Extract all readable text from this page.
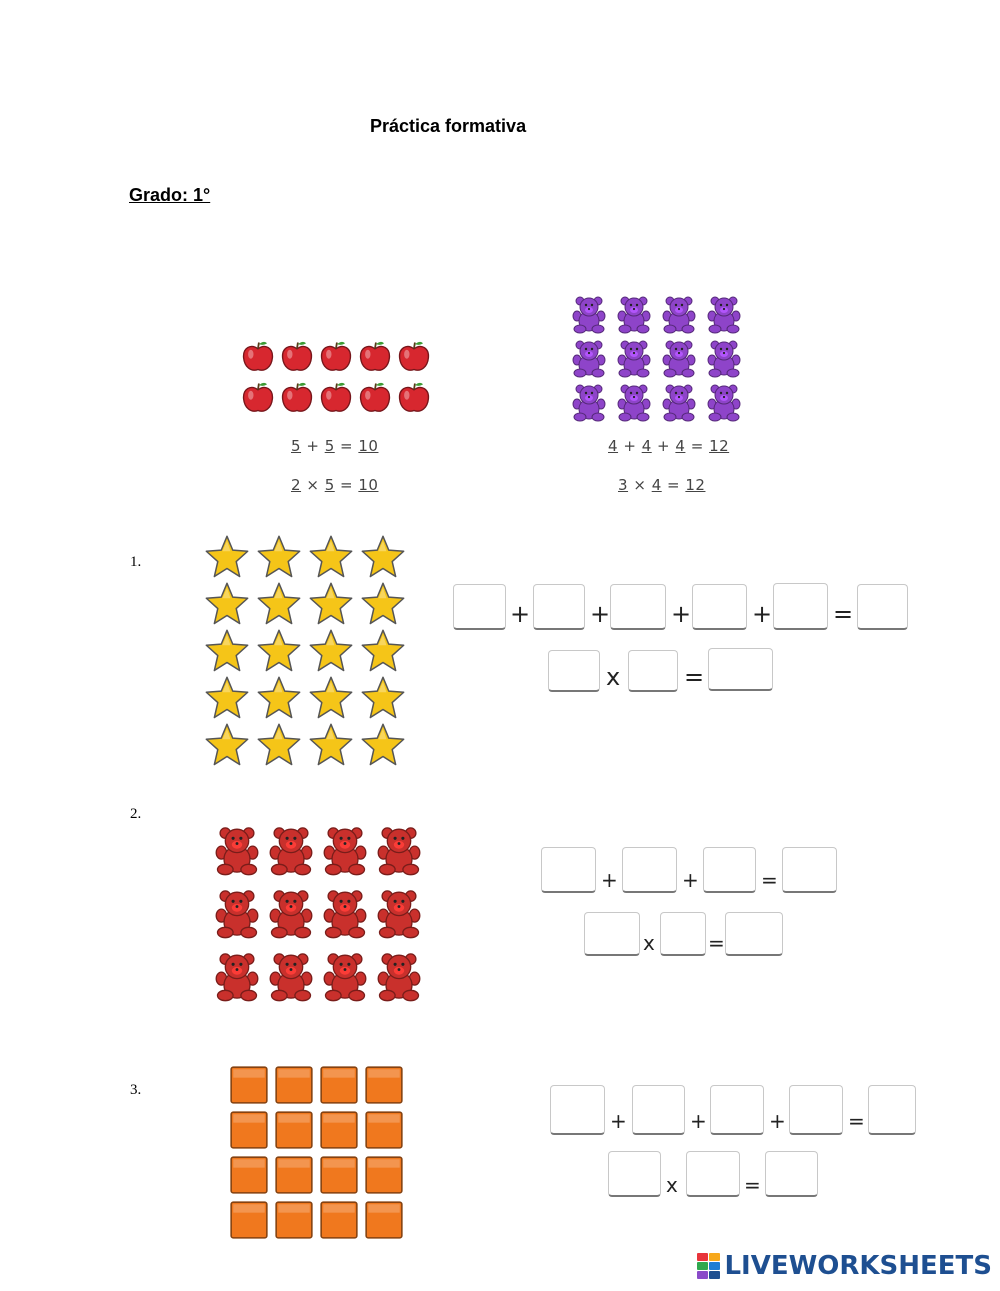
Práctica formativa
Grado: 1°
5 + 5 = 10
2 × 5 = 10
4 + 4 + 4 = 12
3 × 4 = 12
1.
+ +	+	+	=
x	=
2.
+	+	=
x	=
3.
+	+	+	=
x	=
LIVEWORKSHEETS
